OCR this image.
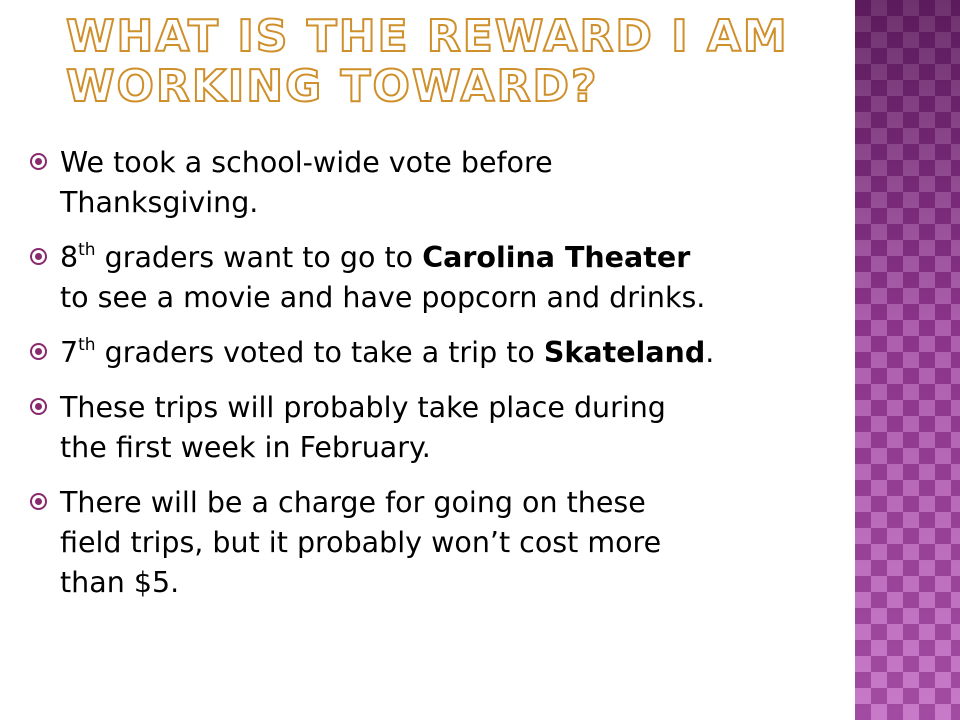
WHAT IS THE REWARD I AM WORKING TOWARD?
We took a school-wide vote before
Thanksgiving.
8th graders want to go to Carolina Theater
to see a movie and have popcorn and drinks.
7th graders voted to take a trip to Skateland.
These trips will probably take place during
the first week in February.
There will be a charge for going on these
field trips, but it probably won’t cost more
than $5.
